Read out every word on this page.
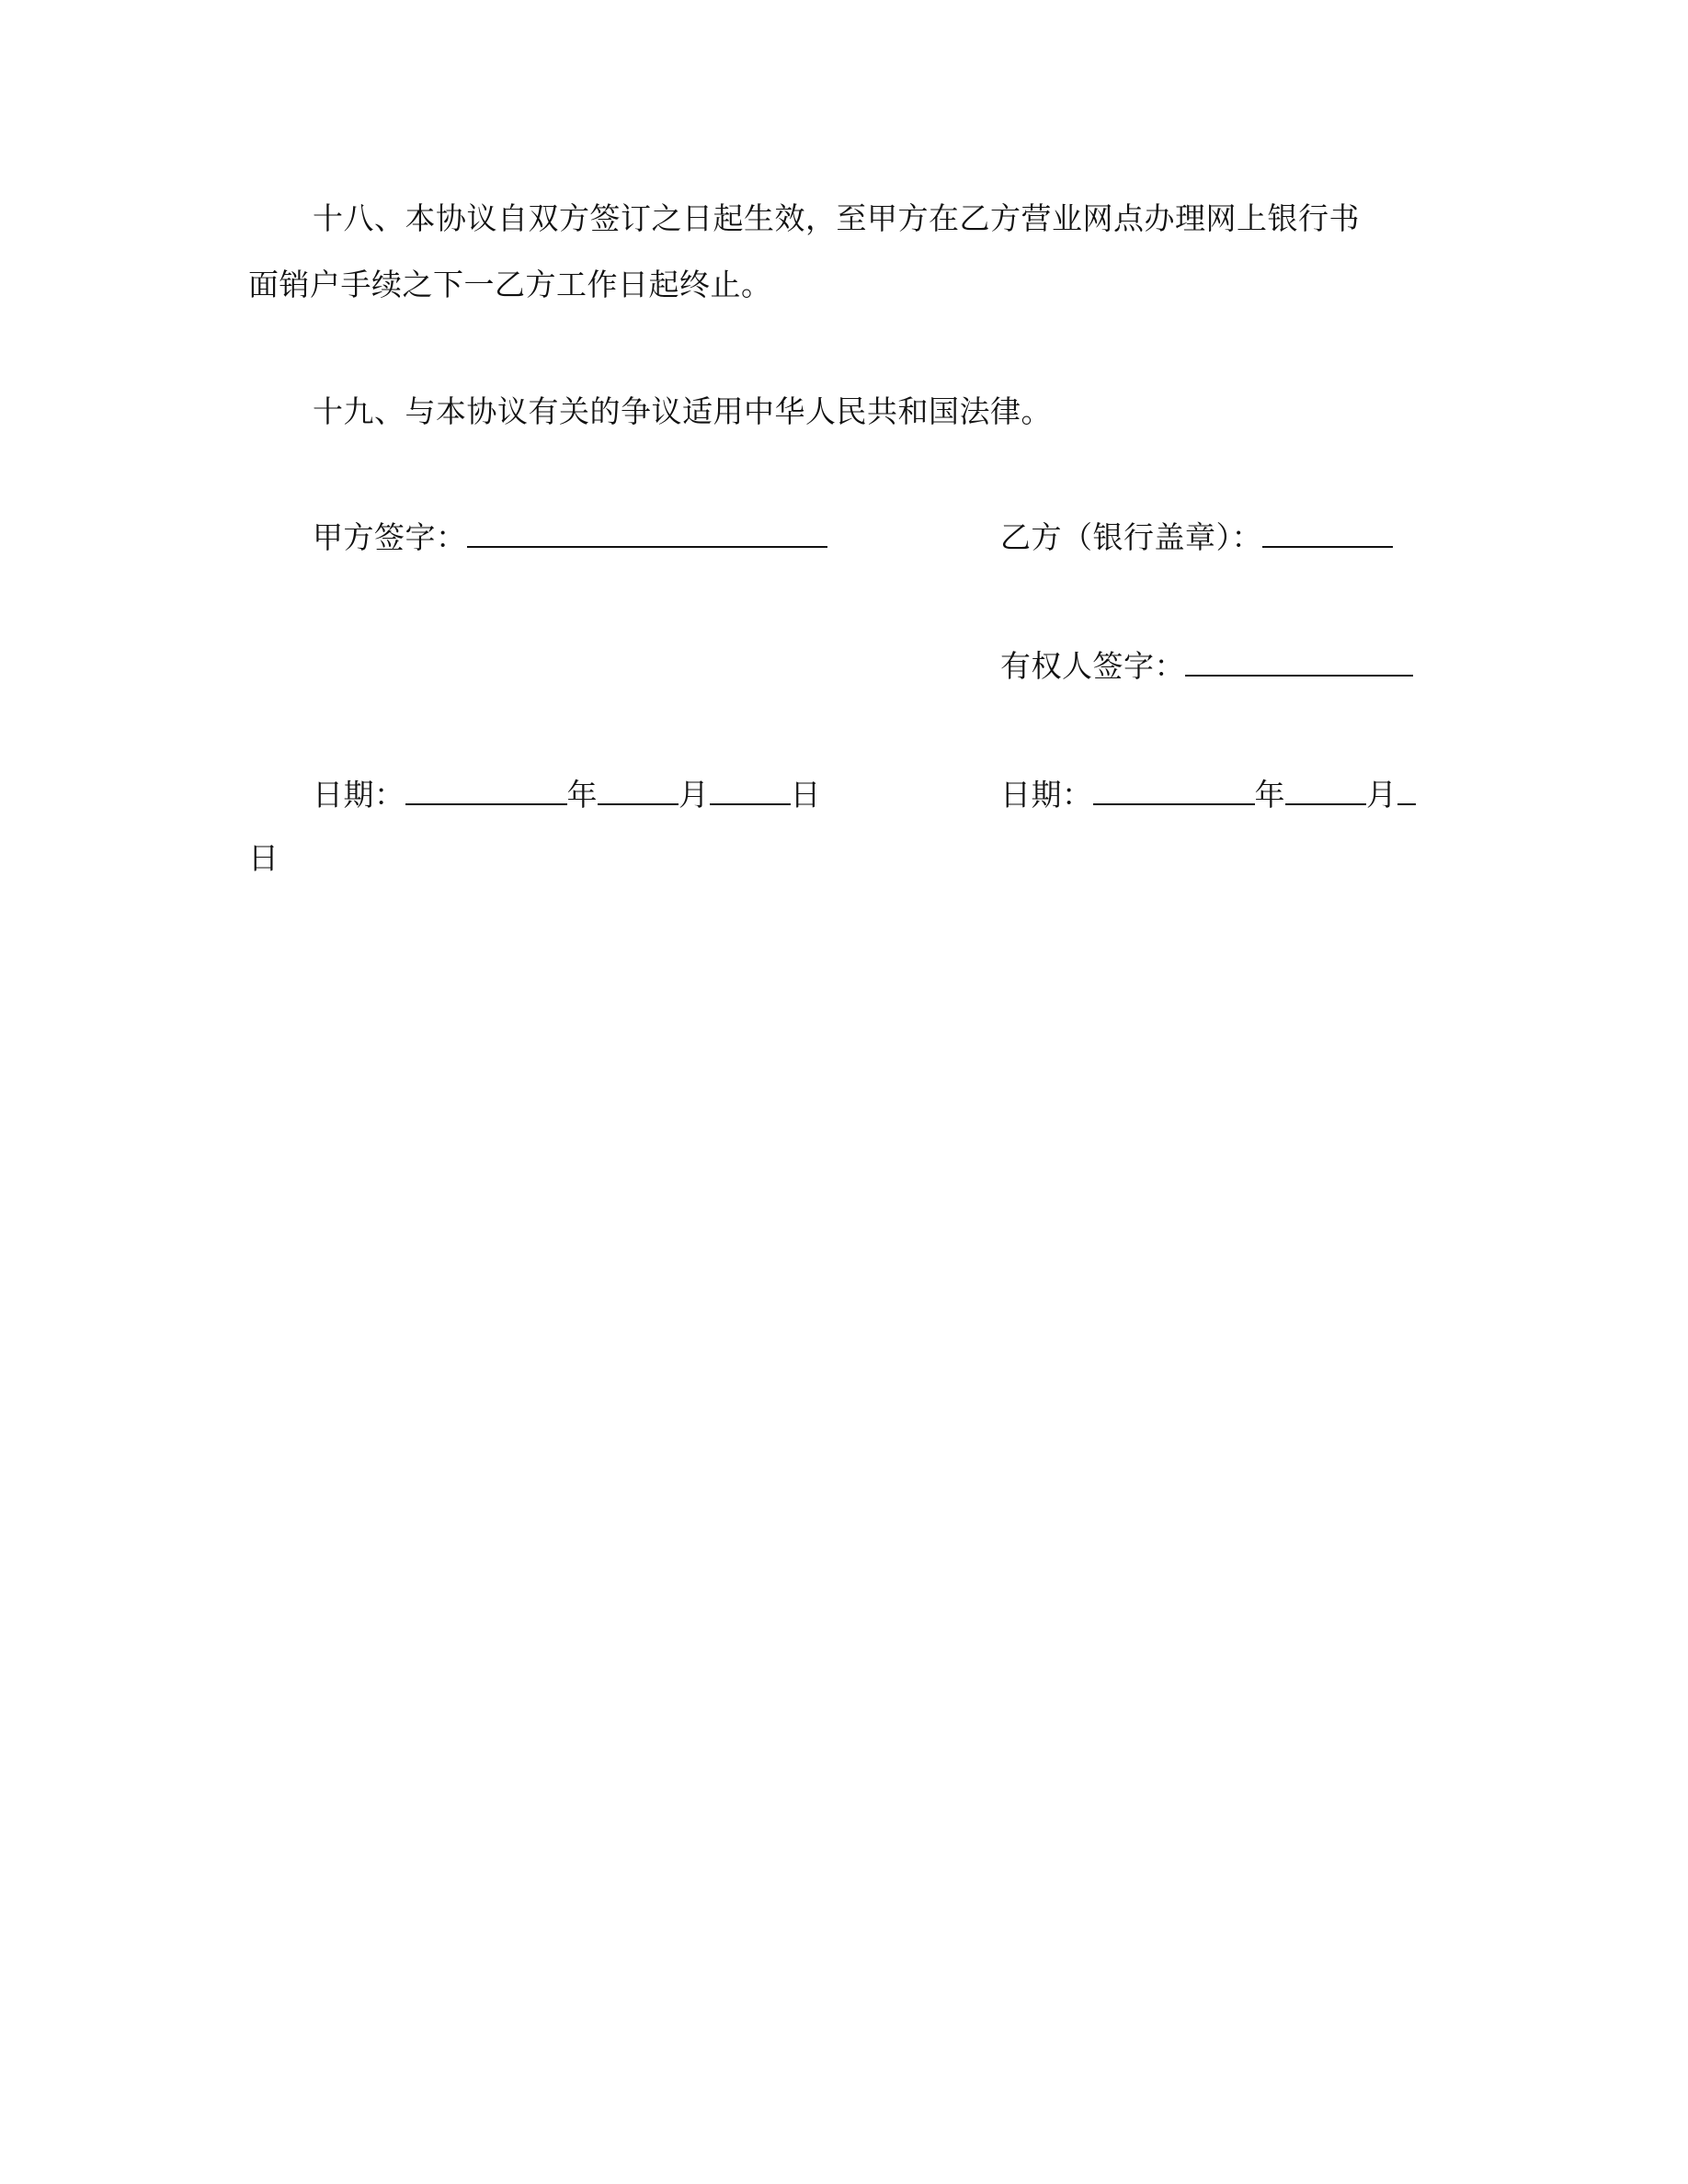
十八、本协议自双方签订之日起生效，至甲方在乙方营业网点办理网上银行书
面销户手续之下一乙方工作日起终止。
十九、与本协议有关的争议适用中华人民共和国法律。
甲方签字：	乙方（银行盖章）：
有权人签字：
日期：	年	月	日	日期：	年	月
日
